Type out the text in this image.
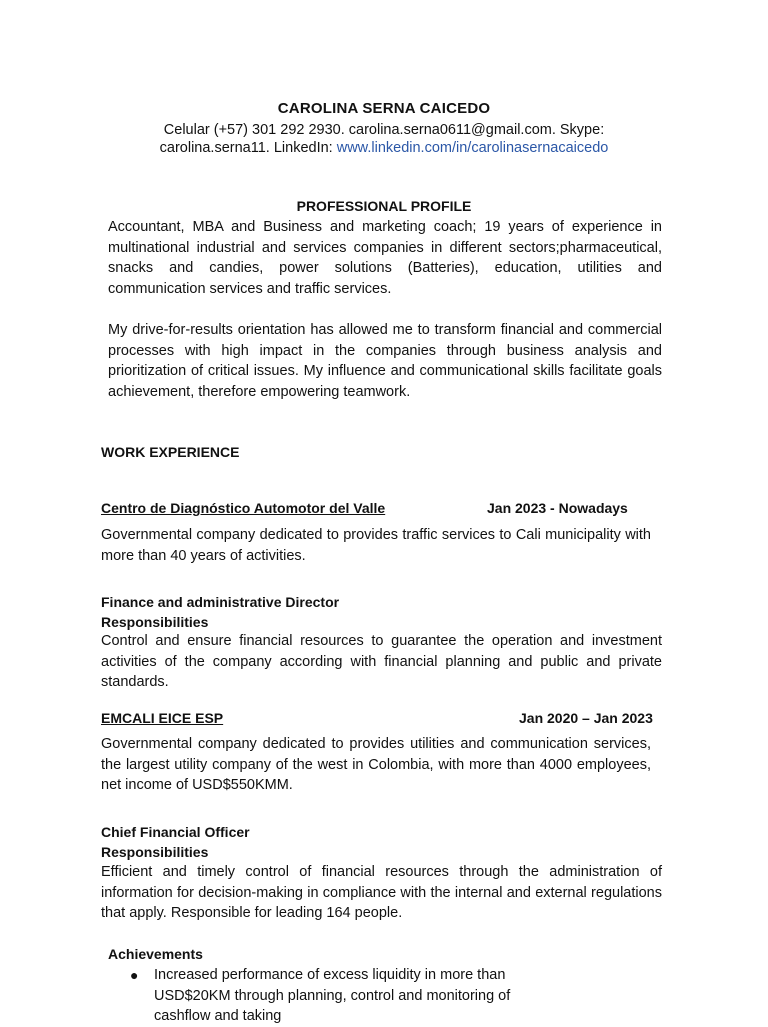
CAROLINA SERNA CAICEDO
Celular (+57) 301 292 2930. carolina.serna0611@gmail.com. Skype:
carolina.serna11. LinkedIn: www.linkedin.com/in/carolinasernacaicedo
PROFESSIONAL PROFILE
Accountant, MBA and Business and marketing coach; 19 years of experience in multinational industrial and services companies in different sectors;pharmaceutical, snacks and candies, power solutions (Batteries), education, utilities and communication services and traffic services.
My drive-for-results orientation has allowed me to transform financial and commercial processes with high impact in the companies through business analysis and prioritization of critical issues. My influence and communicational skills facilitate goals achievement, therefore empowering teamwork.
WORK EXPERIENCE
Centro de Diagnóstico Automotor del Valle	Jan 2023 - Nowadays
Governmental company dedicated to provides traffic services to Cali municipality with more than 40 years of activities.
Finance and administrative Director
Responsibilities
Control and ensure financial resources to guarantee the operation and investment activities of the company according with financial planning and public and private standards.
EMCALI EICE ESP	Jan 2020 – Jan 2023
Governmental company dedicated to provides utilities and communication services, the largest utility company of the west in Colombia, with more than 4000 employees, net income of USD$550KMM.
Chief Financial Officer
Responsibilities
Efficient and timely control of financial resources through the administration of information for decision-making in compliance with the internal and external regulations that apply. Responsible for leading 164 people.
Achievements
● Increased performance of excess liquidity in more than USD$20KM through planning, control and monitoring of cashflow and taking
